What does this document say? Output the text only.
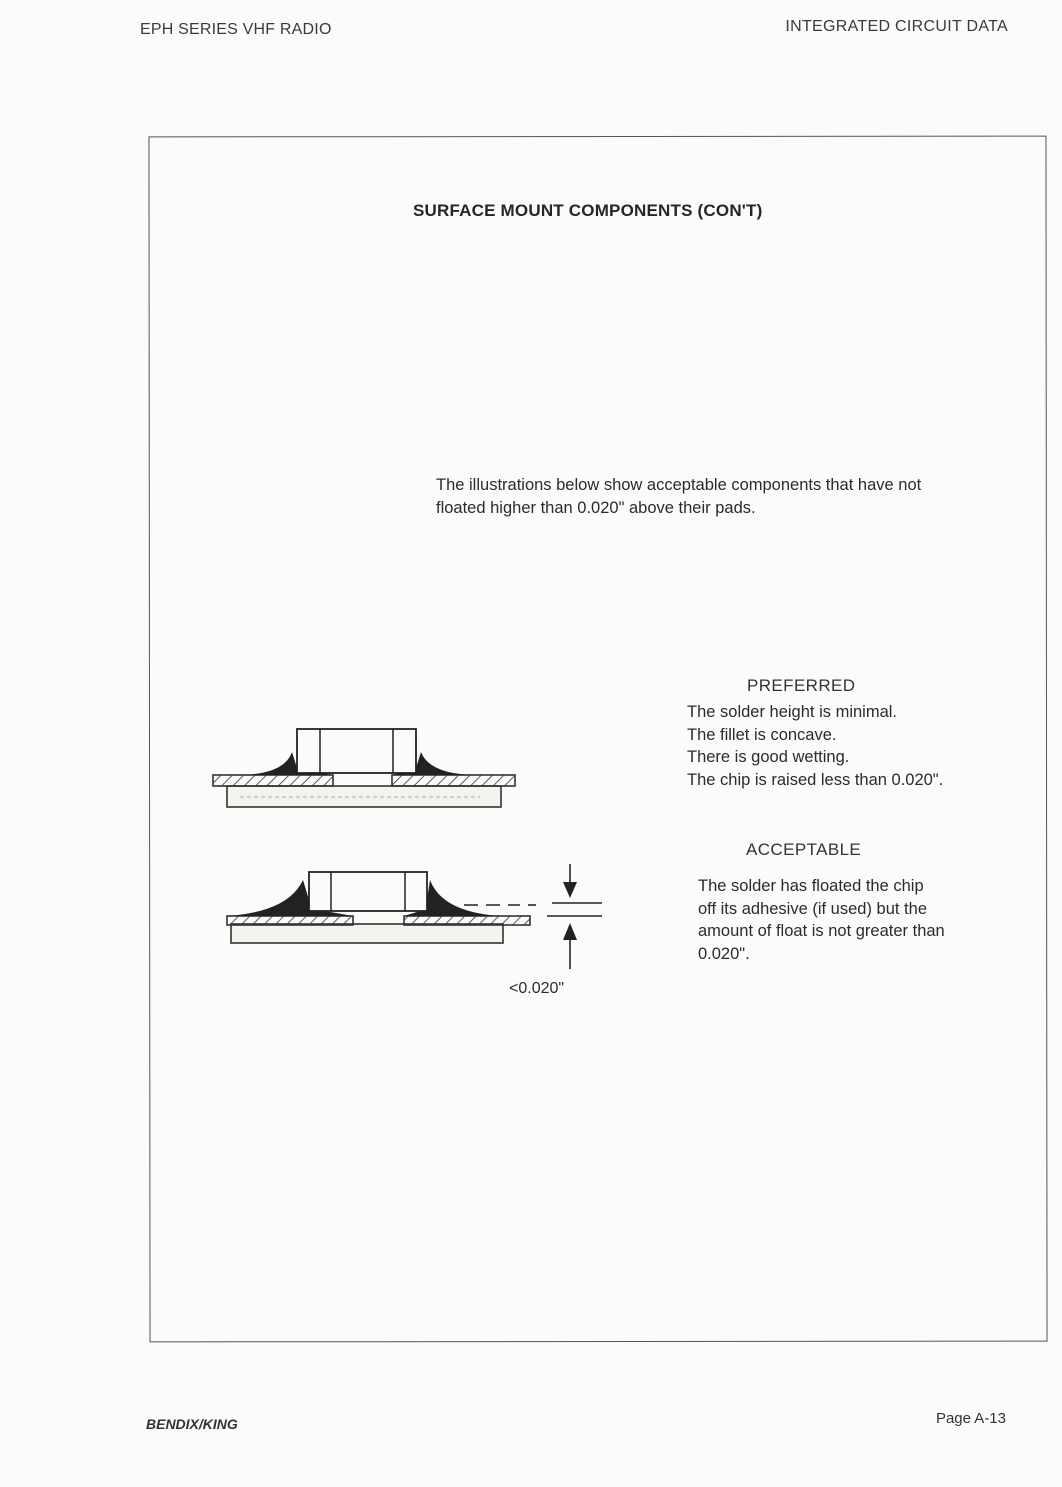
EPH SERIES VHF RADIO	INTEGRATED CIRCUIT DATA
SURFACE MOUNT COMPONENTS (CON'T)

The illustrations below show acceptable components that have not

floated higher than 0.020" above their pads.

PREFERRED
The solder height is minimal.
The fillet is concave.
There is good wetting.
The chip is raised less than 0.020".
ACCEPTABLE
The solder has floated the chip
off its adhesive (if used) but the
amount of float is not greater than
0.020".
<0.020"
BENDIX/KING	Page A-13
